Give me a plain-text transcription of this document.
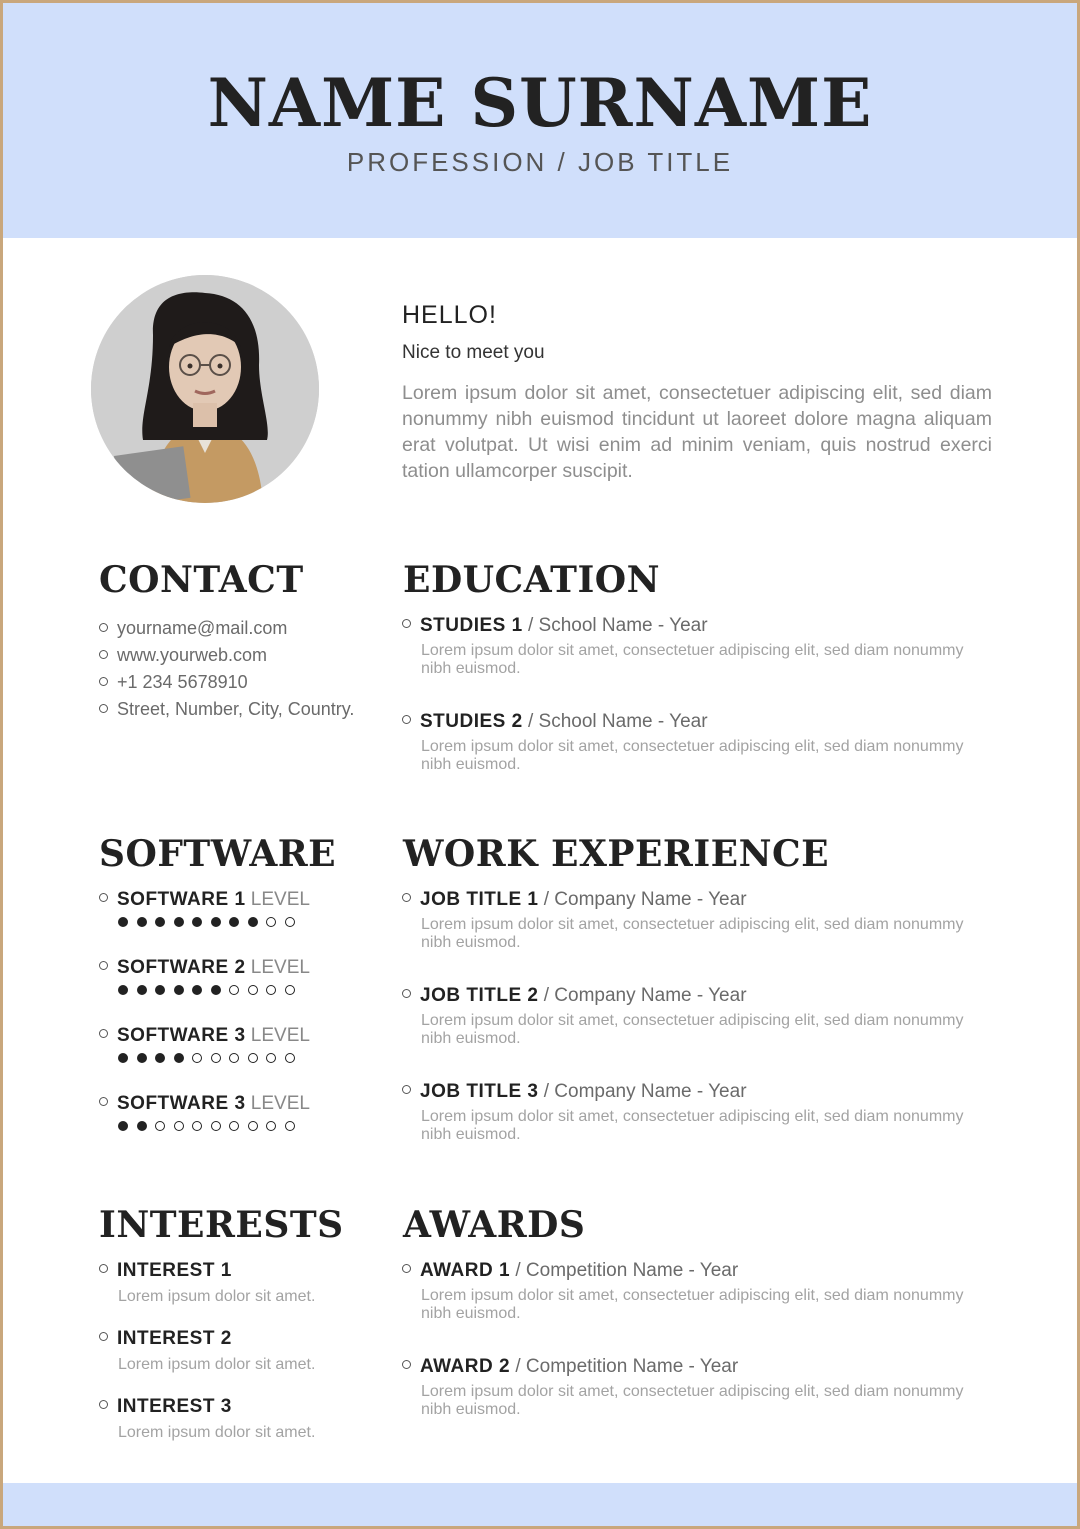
NAME SURNAME
PROFESSION / JOB TITLE
HELLO!
Nice to meet you
Lorem ipsum dolor sit amet, consectetuer adipiscing elit, sed diam nonummy nibh euismod tincidunt ut laoreet dolore magna aliquam erat volutpat. Ut wisi enim ad minim veniam, quis nostrud exerci tation ullamcorper suscipit.
CONTACT
yourname@mail.com
www.yourweb.com
+1 234 5678910
Street, Number, City, Country.
EDUCATION
STUDIES 1 / School Name - Year
Lorem ipsum dolor sit amet, consectetuer adipiscing elit, sed diam nonummy nibh euismod.
STUDIES 2 / School Name - Year
Lorem ipsum dolor sit amet, consectetuer adipiscing elit, sed diam nonummy nibh euismod.
SOFTWARE
SOFTWARE 1 LEVEL
SOFTWARE 2 LEVEL
SOFTWARE 3 LEVEL
SOFTWARE 3 LEVEL
WORK EXPERIENCE
JOB TITLE 1 / Company Name - Year
Lorem ipsum dolor sit amet, consectetuer adipiscing elit, sed diam nonummy nibh euismod.
JOB TITLE 2 / Company Name - Year
Lorem ipsum dolor sit amet, consectetuer adipiscing elit, sed diam nonummy nibh euismod.
JOB TITLE 3 / Company Name - Year
Lorem ipsum dolor sit amet, consectetuer adipiscing elit, sed diam nonummy nibh euismod.
INTERESTS
INTEREST 1
Lorem ipsum dolor sit amet.
INTEREST 2
Lorem ipsum dolor sit amet.
INTEREST 3
Lorem ipsum dolor sit amet.
AWARDS
AWARD 1 / Competition Name - Year
Lorem ipsum dolor sit amet, consectetuer adipiscing elit, sed diam nonummy nibh euismod.
AWARD 2 / Competition Name - Year
Lorem ipsum dolor sit amet, consectetuer adipiscing elit, sed diam nonummy nibh euismod.
